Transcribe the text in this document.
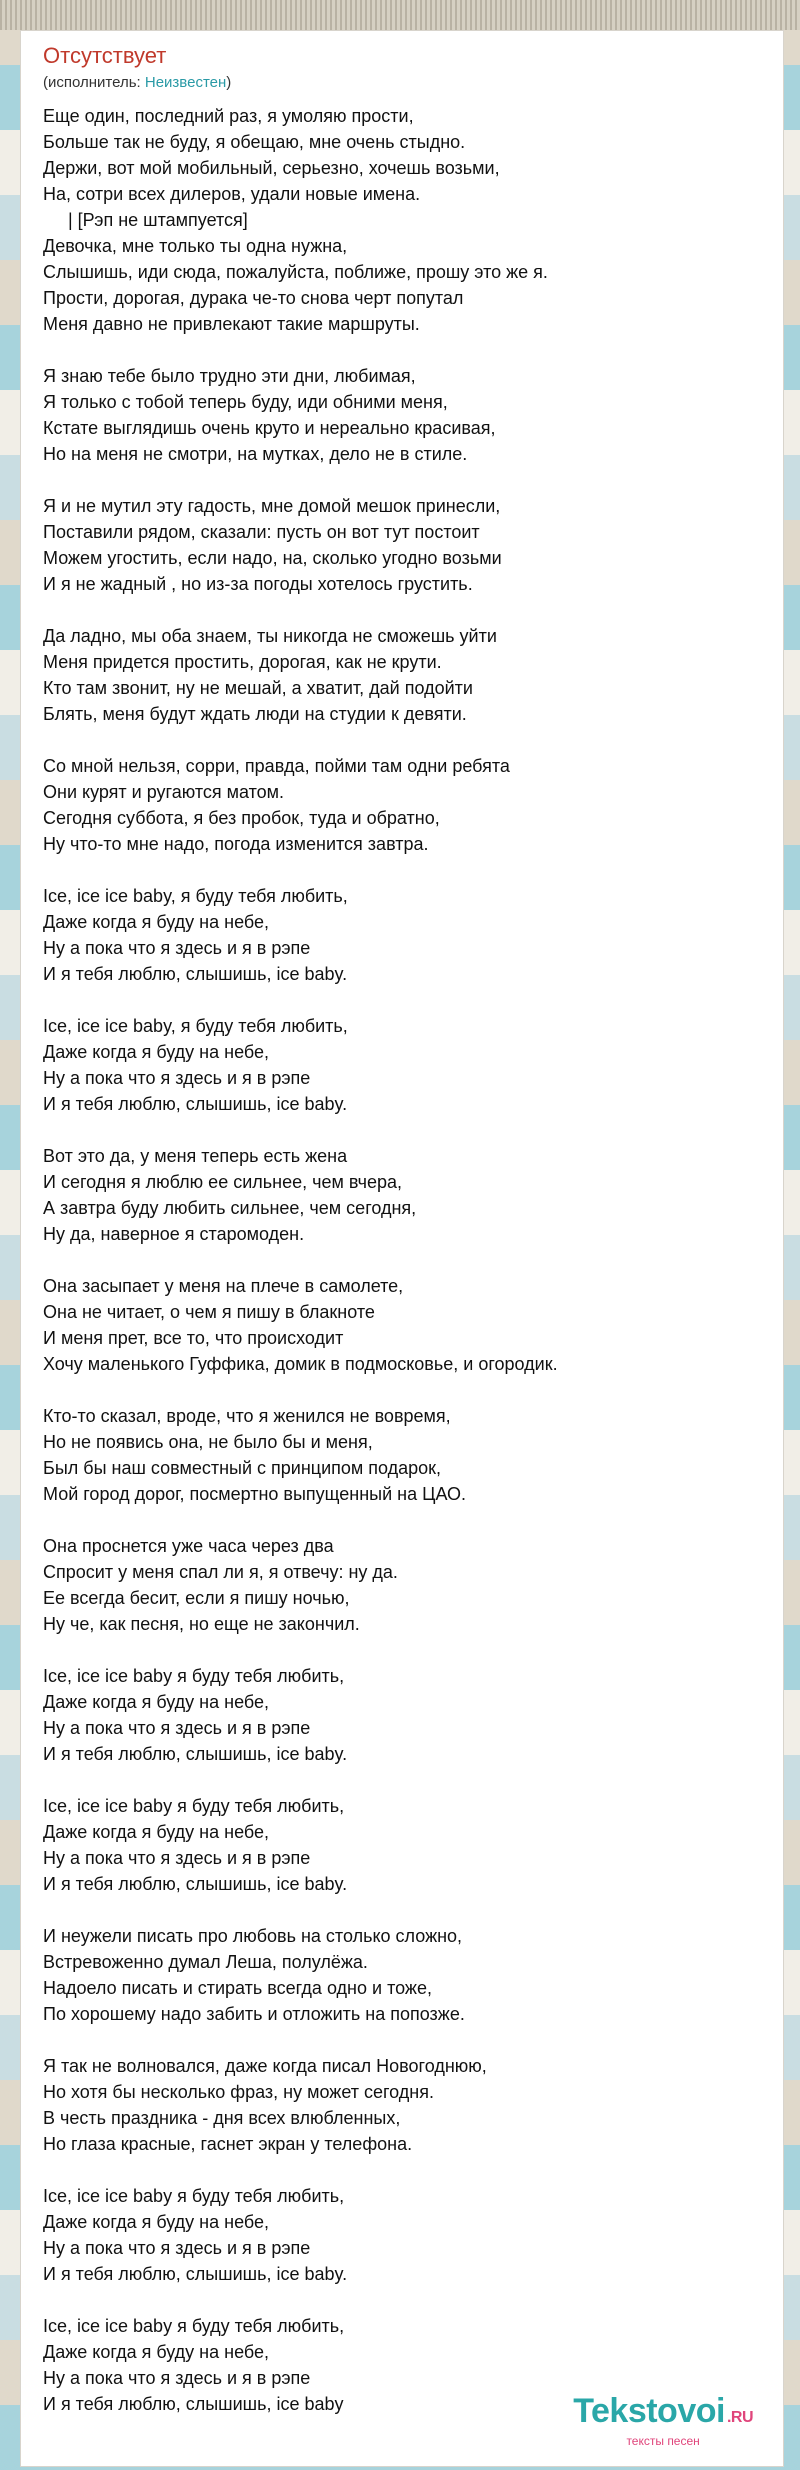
Отсутствует
(исполнитель: Неизвестен)
Еще один, последний раз, я умоляю прости,
Больше так не буду, я обещаю, мне очень стыдно.
Держи, вот мой мобильный, серьезно, хочешь возьми,
На, сотри всех дилеров, удали новые имена.
| [Рэп не штампуется]
Девочка, мне только ты одна нужна,
Слышишь, иди сюда, пожалуйста, поближе, прошу это же я.
Прости, дорогая, дурака че-то снова черт попутал
Меня давно не привлекают такие маршруты.
Я знаю тебе было трудно эти дни, любимая,
Я только с тобой теперь буду, иди обними меня,
Кстате выглядишь очень круто и нереально красивая,
Но на меня не смотри, на мутках, дело не в стиле.
Я и не мутил эту гадость, мне домой мешок принесли,
Поставили рядом, сказали: пусть он вот тут постоит
Можем угостить, если надо, на, сколько угодно возьми
И я не жадный , но из-за погоды хотелось грустить.
Да ладно, мы оба знаем, ты никогда не сможешь уйти
Меня придется простить, дорогая, как не крути.
Кто там звонит, ну не мешай, а хватит, дай подойти
Блять, меня будут ждать люди на студии к девяти.
Со мной нельзя, сорри, правда, пойми там одни ребята
Они курят и ругаются матом.
Сегодня суббота, я без пробок, туда и обратно,
Ну что-то мне надо, погода изменится завтра.
Ice, ice ice baby, я буду тебя любить,
Даже когда я буду на небе,
Ну а пока что я здесь и я в рэпе
И я тебя люблю, слышишь, ice baby.
Ice, ice ice baby, я буду тебя любить,
Даже когда я буду на небе,
Ну а пока что я здесь и я в рэпе
И я тебя люблю, слышишь, ice baby.
Вот это да, у меня теперь есть жена
И сегодня я люблю ее сильнее, чем вчера,
А завтра буду любить сильнее, чем сегодня,
Ну да, наверное я старомоден.
Она засыпает у меня на плече в самолете,
Она не читает, о чем я пишу в блакноте
И меня прет, все то, что происходит
Хочу маленького Гуффика, домик в подмосковье, и огородик.
Кто-то сказал, вроде, что я женился не вовремя,
Но не появись она, не было бы и меня,
Был бы наш совместный с принципом подарок,
Мой город дорог, посмертно выпущенный на ЦАО.
Она проснется уже часа через два
Спросит у меня спал ли я, я отвечу: ну да.
Ее всегда бесит, если я пишу ночью,
Ну че, как песня, но еще не закончил.
Ice, ice ice baby я буду тебя любить,
Даже когда я буду на небе,
Ну а пока что я здесь и я в рэпе
И я тебя люблю, слышишь, ice baby.
Ice, ice ice baby я буду тебя любить,
Даже когда я буду на небе,
Ну а пока что я здесь и я в рэпе
И я тебя люблю, слышишь, ice baby.
И неужели писать про любовь на столько сложно,
Встревоженно думал Леша, полулёжа.
Надоело писать и стирать всегда одно и тоже,
По хорошему надо забить и отложить на попозже.
Я так не волновался, даже когда писал Новогоднюю,
Но хотя бы несколько фраз, ну может сегодня.
В честь праздника - дня всех влюбленных,
Но глаза красные, гаснет экран у телефона.
Ice, ice ice baby я буду тебя любить,
Даже когда я буду на небе,
Ну а пока что я здесь и я в рэпе
И я тебя люблю, слышишь, ice baby.
Ice, ice ice baby я буду тебя любить,
Даже когда я буду на небе,
Ну а пока что я здесь и я в рэпе
И я тебя люблю, слышишь, ice baby	Tekstovoi .RU
тексты песен
